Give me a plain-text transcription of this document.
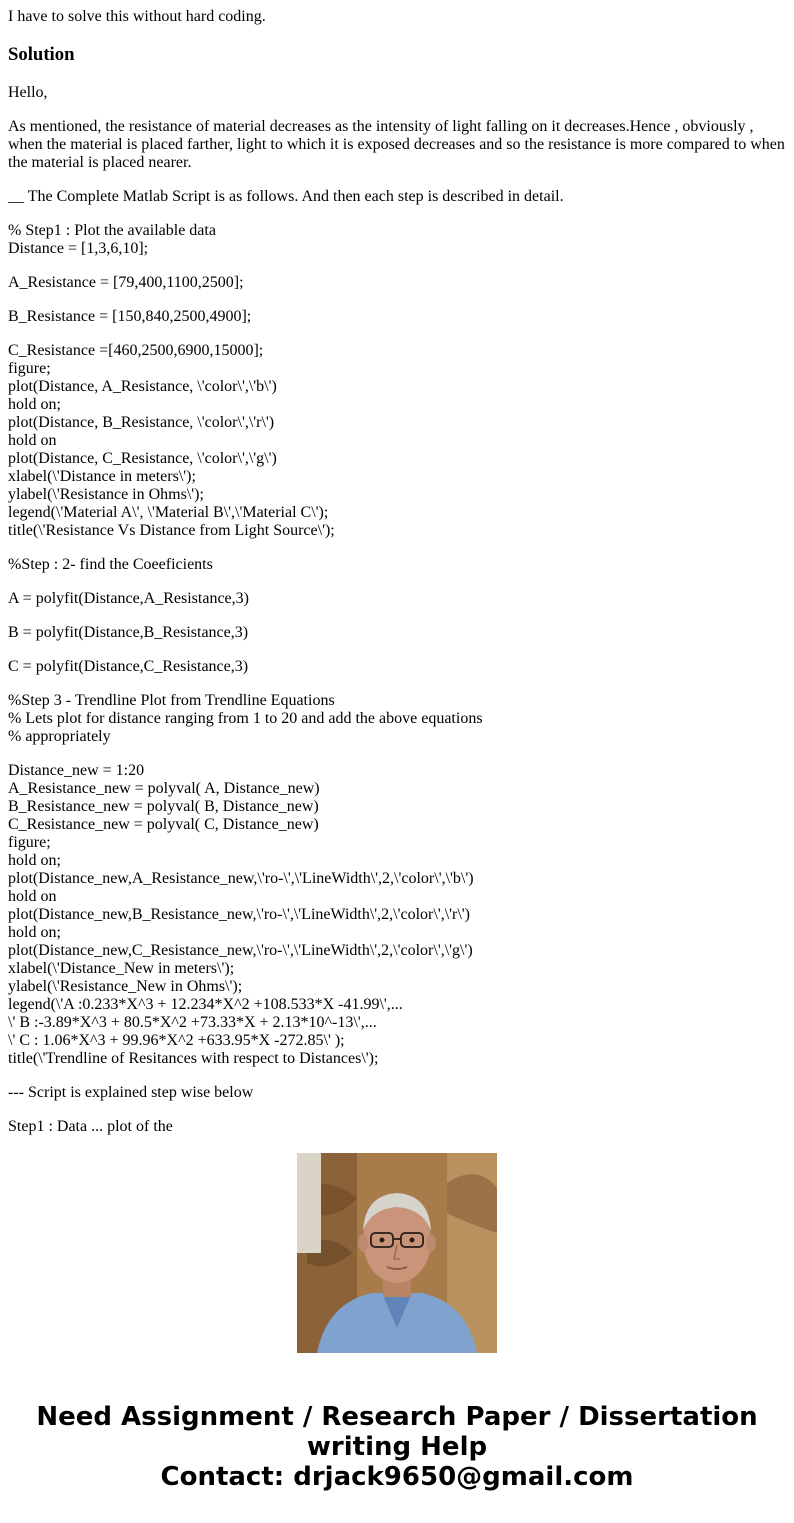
I have to solve this without hard coding.

Solution

Hello,

As mentioned, the resistance of material decreases as the intensity of light falling on it decreases.Hence , obviously , when the material is placed farther, light to which it is exposed decreases and so the resistance is more compared to when the material is placed nearer.

__ The Complete Matlab Script is as follows. And then each step is described in detail.

% Step1 : Plot the available data
Distance = [1,3,6,10];

A_Resistance = [79,400,1100,2500];

B_Resistance = [150,840,2500,4900];

C_Resistance =[460,2500,6900,15000];
figure;
plot(Distance, A_Resistance, \'color\',\'b\')
hold on;
plot(Distance, B_Resistance, \'color\',\'r\')
hold on
plot(Distance, C_Resistance, \'color\',\'g\')
xlabel(\'Distance in meters\');
ylabel(\'Resistance in Ohms\');
legend(\'Material A\', \'Material B\',\'Material C\');
title(\'Resistance Vs Distance from Light Source\');

%Step : 2- find the Coeeficients

A = polyfit(Distance,A_Resistance,3)

B = polyfit(Distance,B_Resistance,3)

C = polyfit(Distance,C_Resistance,3)

%Step 3 - Trendline Plot from Trendline Equations
% Lets plot for distance ranging from 1 to 20 and add the above equations
% appropriately

Distance_new = 1:20
A_Resistance_new = polyval( A, Distance_new)
B_Resistance_new = polyval( B, Distance_new)
C_Resistance_new = polyval( C, Distance_new)
figure;
hold on;
plot(Distance_new,A_Resistance_new,\'ro-\',\'LineWidth\',2,\'color\',\'b\')
hold on
plot(Distance_new,B_Resistance_new,\'ro-\',\'LineWidth\',2,\'color\',\'r\')
hold on;
plot(Distance_new,C_Resistance_new,\'ro-\',\'LineWidth\',2,\'color\',\'g\')
xlabel(\'Distance_New in meters\');
ylabel(\'Resistance_New in Ohms\');
legend(\'A :0.233*X^3 + 12.234*X^2 +108.533*X -41.99\',...
\' B :-3.89*X^3 + 80.5*X^2 +73.33*X + 2.13*10^-13\',...
\' C : 1.06*X^3 + 99.96*X^2 +633.95*X -272.85\' );
title(\'Trendline of Resitances with respect to Distances\');

--- Script is explained step wise below

Step1 : Data ... plot of the

Need Assignment / Research Paper / Dissertation
writing Help
Contact: drjack9650@gmail.com
